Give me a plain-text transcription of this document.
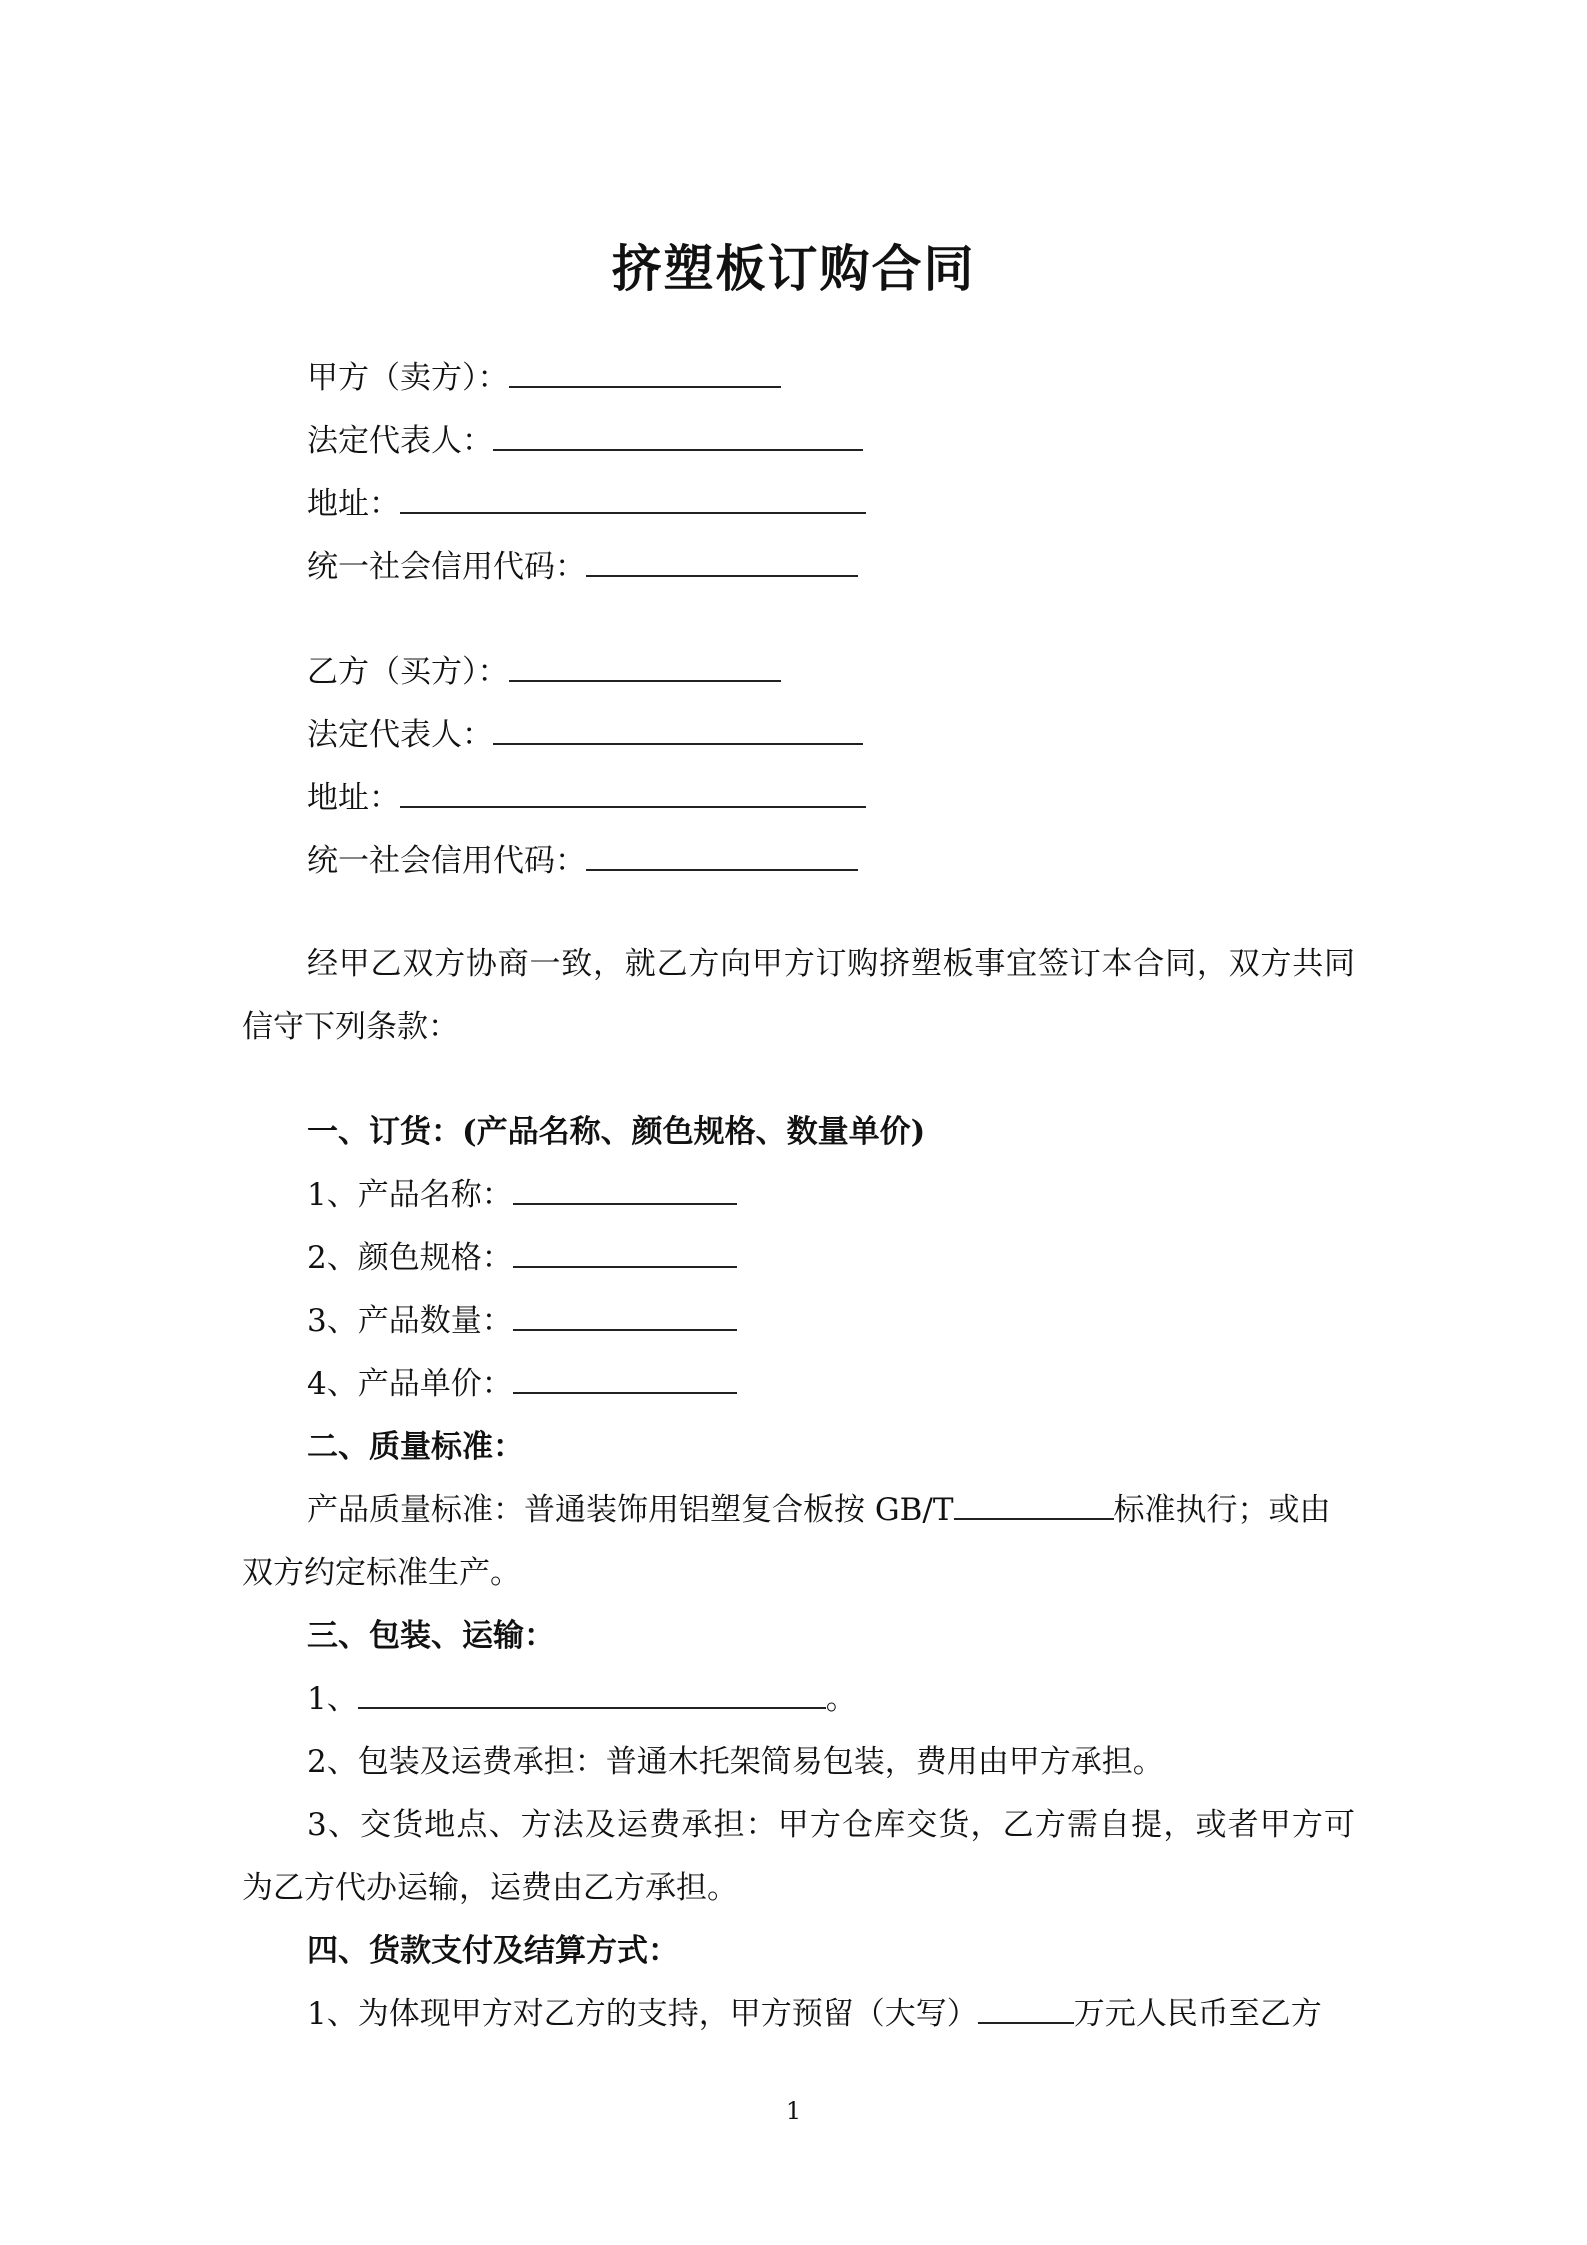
挤塑板订购合同
甲方（卖方）：
法定代表人：
地址：
统一社会信用代码：
乙方（买方）：
法定代表人：
地址：
统一社会信用代码：
经甲乙双方协商一致，就乙方向甲方订购挤塑板事宜签订本合同，双方共同
信守下列条款：
一、订货：(产品名称、颜色规格、数量单价)
1、产品名称：
2、颜色规格：
3、产品数量：
4、产品单价：
二、质量标准：
产品质量标准：普通装饰用铝塑复合板按 GB/T	标准执行；或由
双方约定标准生产。
三、包装、运输：
1、	。
2、包装及运费承担：普通木托架简易包装，费用由甲方承担。
3、交货地点、方法及运费承担：甲方仓库交货，乙方需自提，或者甲方可
为乙方代办运输，运费由乙方承担。
四、货款支付及结算方式：
1、为体现甲方对乙方的支持，甲方预留（大写）	万元人民币至乙方
1
